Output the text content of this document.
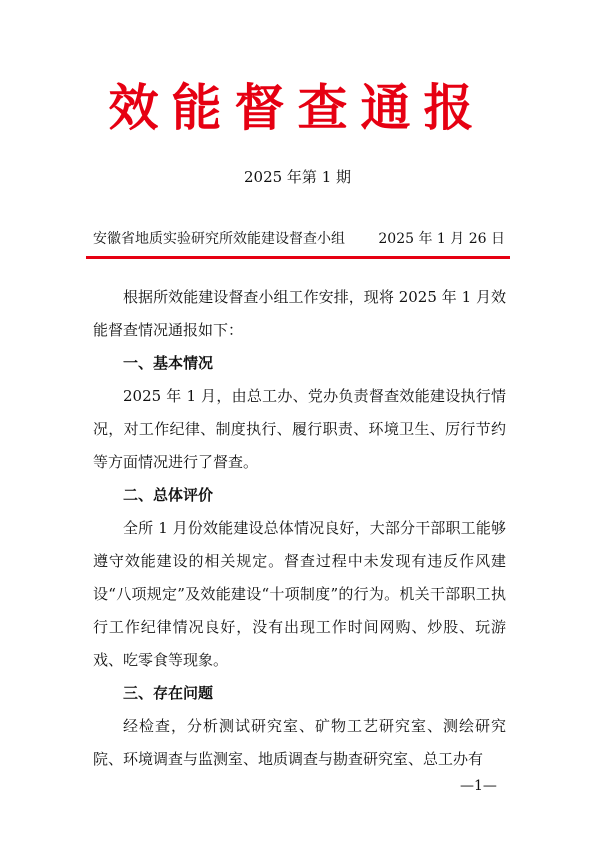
效能督查通报
2025 年第 1 期
安徽省地质实验研究所效能建设督查小组 2025 年 1 月 26 日

根据所效能建设督查小组工作安排，现将 2025 年 1 月效能督查情况通报如下：

一、基本情况

2025 年 1 月，由总工办、党办负责督查效能建设执行情况，对工作纪律、制度执行、履行职责、环境卫生、厉行节约等方面情况进行了督查。

二、总体评价

全所 1 月份效能建设总体情况良好，大部分干部职工能够遵守效能建设的相关规定。督查过程中未发现有违反作风建设“八项规定”及效能建设“十项制度”的行为。机关干部职工执行工作纪律情况良好，没有出现工作时间网购、炒股、玩游戏、吃零食等现象。

三、存在问题

经检查，分析测试研究室、矿物工艺研究室、测绘研究院、环境调查与监测室、地质调查与勘查研究室、总工办有

—1—
